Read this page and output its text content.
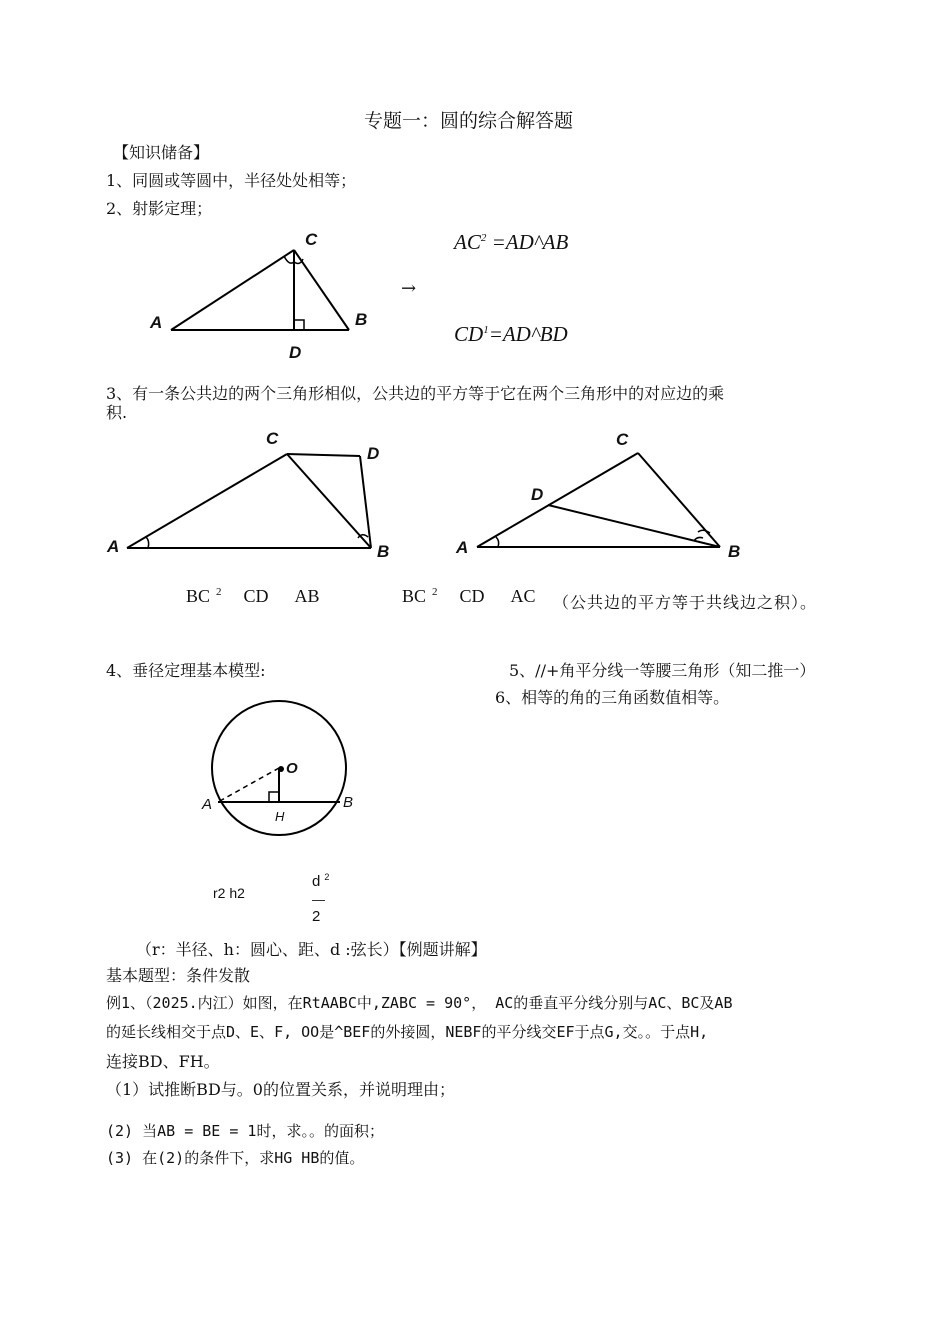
专题一：圆的综合解答题
【知识储备】
1、同圆或等圆中，半径处处相等；
2、射影定理；
A	B
C
D
→
$AC^2$ =AD^AB
$CD^1=AD\^{}BD$
3、有一条公共边的两个三角形相似，公共边的平方等于它在两个三角形中的对应边的乘
积.
A	B
C
D
A	B
C
D
BC $^2$ CD AB	BC $^2$ CD AC （公共边的平方等于共线边之积）。
4、垂径定理基本模型:	5、//+角平分线一等腰三角形（知二推一）
6、相等的角的三角函数值相等。
O
A	B
H
r2 h2
d $^2$
—
2
（r：半径、h：圆心、距、d :弦长）【例题讲解】
基本题型：条件发散
例1、（2025.内江）如图，在RtAABC中,ZABC = 90°， AC的垂直平分线分别与AC、BC及AB
的延长线相交于点D、E、F, OO是^BEF的外接圆，NEBF的平分线交EF于点G,交。。于点H,
连接BD、FH。
（1）试推断BD与。0的位置关系，并说明理由；
(2) 当AB = BE = 1时，求。。的面积；
(3) 在(2)的条件下，求HG HB的值。
